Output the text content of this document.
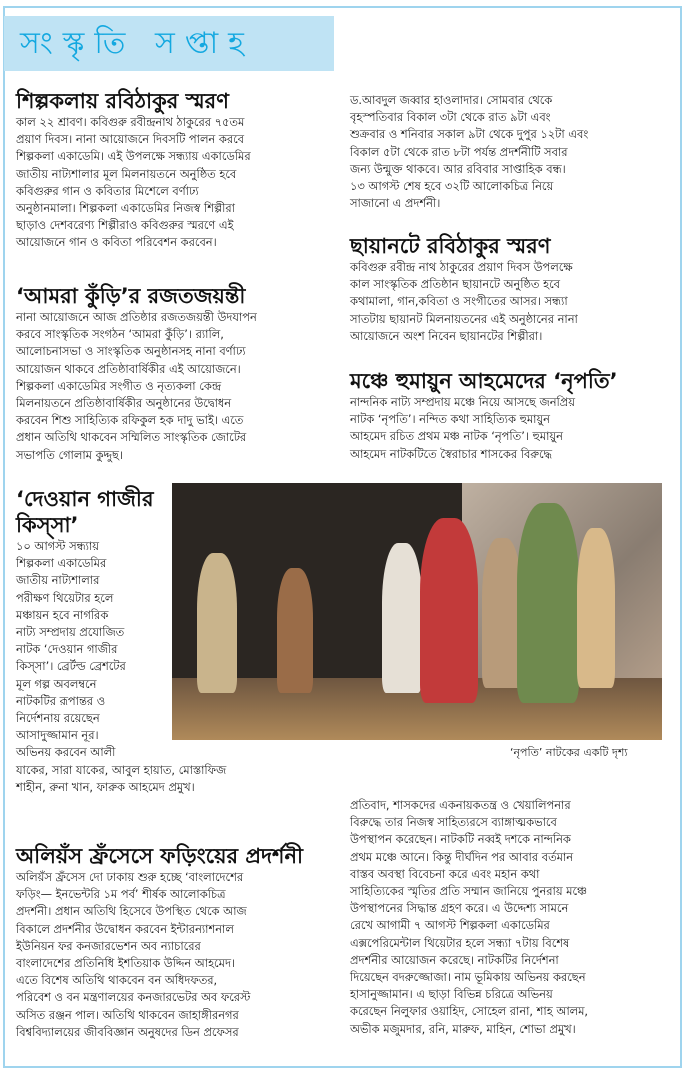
সংস্কৃতি সপ্তাহ
শিল্পকলায় রবিঠাকুর স্মরণ

কাল ২২ শ্রাবণ। কবিগুরু রবীন্দ্রনাথ ঠাকুরের ৭৫তম
প্রয়াণ দিবস। নানা আয়োজনে দিবসটি পালন করবে
শিল্পকলা একাডেমি। এই উপলক্ষে সন্ধ্যায় একাডেমির
জাতীয় নাট্যশালার মূল মিলনায়তনে অনুষ্ঠিত হবে
কবিগুরুর গান ও কবিতার মিশেলে বর্ণাঢ্য
অনুষ্ঠানমালা। শিল্পকলা একাডেমির নিজস্ব শিল্পীরা
ছাড়াও দেশবরেণ্য শিল্পীরাও কবিগুরুর স্মরণে এই
আয়োজনে গান ও কবিতা পরিবেশন করবেন।

‘আমরা কুঁড়ি’র রজতজয়ন্তী

নানা আয়োজনে আজ প্রতিষ্ঠার রজতজয়ন্তী উদযাপন
করবে সাংস্কৃতিক সংগঠন ‘আমরা কুঁড়ি’। র‍্যালি,
আলোচনাসভা ও সাংস্কৃতিক অনুষ্ঠানসহ নানা বর্ণাঢ্য
আয়োজন থাকবে প্রতিষ্ঠাবার্ষিকীর এই আয়োজনে।
শিল্পকলা একাডেমির সংগীত ও নৃত্যকলা কেন্দ্র
মিলনায়তনে প্রতিষ্ঠাবার্ষিকীর অনুষ্ঠানের উদ্বোধন
করবেন শিশু সাহিত্যিক রফিকুল হক দাদু ভাই। এতে
প্রধান অতিথি থাকবেন সম্মিলিত সাংস্কৃতিক জোটের
সভাপতি গোলাম কুদ্দুছ।

‘দেওয়ান গাজীর
কিস্সা’

১০ আগস্ট সন্ধ্যায়
শিল্পকলা একাডেমির
জাতীয় নাট্যশালার
পরীক্ষণ থিয়েটার হলে
মঞ্চায়ন হবে নাগরিক
নাট্য সম্প্রদায় প্রযোজিত
নাটক ‘দেওয়ান গাজীর
কিস্সা’। ব্রের্টল্ড ব্রেশটের
মূল গল্প অবলম্বনে
নাটকটির রূপান্তর ও
নির্দেশনায় রয়েছেন
আসাদুজ্জামান নূর।
অভিনয় করবেন আলী
যাকের, সারা যাকের, আবুল হায়াত, মোস্তাফিজ
শাহীন, রুনা খান, ফারুক আহমেদ প্রমুখ।

অলিয়ঁস ফ্রঁসেসে ফড়িংয়ের প্রদর্শনী

অলিয়ঁস ফ্রঁসেস দো ঢাকায় শুরু হচ্ছে ‘বাংলাদেশের
ফড়িং— ইনভেন্টরি ১ম পর্ব’ শীর্ষক আলোকচিত্র
প্রদর্শনী। প্রধান অতিথি হিসেবে উপস্থিত থেকে আজ
বিকালে প্রদর্শনীর উদ্বোধন করবেন ইন্টারন্যাশনাল
ইউনিয়ন ফর কনজারভেশন অব ন্যাচারের
বাংলাদেশের প্রতিনিধি ইশতিয়াক উদ্দিন আহমেদ।
এতে বিশেষ অতিথি থাকবেন বন অধিদফতর,
পরিবেশ ও বন মন্ত্রণালয়ের কনজারভেটর অব ফরেস্ট
অসিত রঞ্জন পাল। অতিথি থাকবেন জাহাঙ্গীরনগর
বিশ্ববিদ্যালয়ের জীববিজ্ঞান অনুষদের ডিন প্রফেসর

ড.আবদুল জব্বার হাওলাদার। সোমবার থেকে
বৃহস্পতিবার বিকাল ৩টা থেকে রাত ৯টা এবং
শুক্রবার ও শনিবার সকাল ৯টা থেকে দুপুর ১২টা এবং
বিকাল ৫টা থেকে রাত ৮টা পর্যন্ত প্রদর্শনীটি সবার
জন্য উন্মুক্ত থাকবে। আর রবিবার সাপ্তাহিক বন্ধ।
১৩ আগস্ট শেষ হবে ৩২টি আলোকচিত্র নিয়ে
সাজানো এ প্রদর্শনী।

ছায়ানটে রবিঠাকুর স্মরণ

কবিগুরু রবীন্দ্র নাথ ঠাকুরের প্রয়াণ দিবস উপলক্ষে
কাল সাংস্কৃতিক প্রতিষ্ঠান ছায়ানটে অনুষ্ঠিত হবে
কথামালা, গান,কবিতা ও সংগীতের আসর। সন্ধ্যা
সাতটায় ছায়ানট মিলনায়তনের এই অনুষ্ঠানের নানা
আয়োজনে অংশ নিবেন ছায়ানটের শিল্পীরা।

মঞ্চে হুমায়ুন আহমেদের ‘নৃপতি’

নান্দনিক নাট্য সম্প্রদায় মঞ্চে নিয়ে আসছে জনপ্রিয়
নাটক ‘নৃপতি’। নন্দিত কথা সাহিত্যিক হুমায়ুন
আহমেদ রচিত প্রথম মঞ্চ নাটক ‘নৃপতি’। হুমায়ুন
আহমেদ নাটকটিতে স্বৈরাচার শাসকের বিরুদ্ধে

‘নৃপতি’ নাটকের একটি দৃশ্য

প্রতিবাদ, শাসকদের একনায়কতন্ত্র ও খেয়ালিপনার
বিরুদ্ধে তার নিজস্ব সাহিত্যরসে ব্যাঙ্গাত্মকভাবে
উপস্থাপন করেছেন। নাটকটি নব্বই দশকে নান্দনিক
প্রথম মঞ্চে আনে। কিন্তু দীর্ঘদিন পর আবার বর্তমান
বাস্তব অবস্থা বিবেচনা করে এবং মহান কথা
সাহিত্যিকের স্মৃতির প্রতি সম্মান জানিয়ে পুনরায় মঞ্চে
উপস্থাপনের সিদ্ধান্ত গ্রহণ করে। এ উদ্দেশ্য সামনে
রেখে আগামী ৭ আগস্ট শিল্পকলা একাডেমির
এক্সপেরিমেন্টাল থিয়েটার হলে সন্ধ্যা ৭টায় বিশেষ
প্রদর্শনীর আয়োজন করেছে। নাটকটির নির্দেশনা
দিয়েছেন বদরুজ্জোজা। নাম ভূমিকায় অভিনয় করছেন
হাসানুজ্জামান। এ ছাড়া বিভিন্ন চরিত্রে অভিনয়
করেছেন নিলুফার ওয়াহিদ, সোহেল রানা, শাহ আলম,
অভীক মজুমদার, রনি, মারুফ, মাহিন, শোভা প্রমুখ।
